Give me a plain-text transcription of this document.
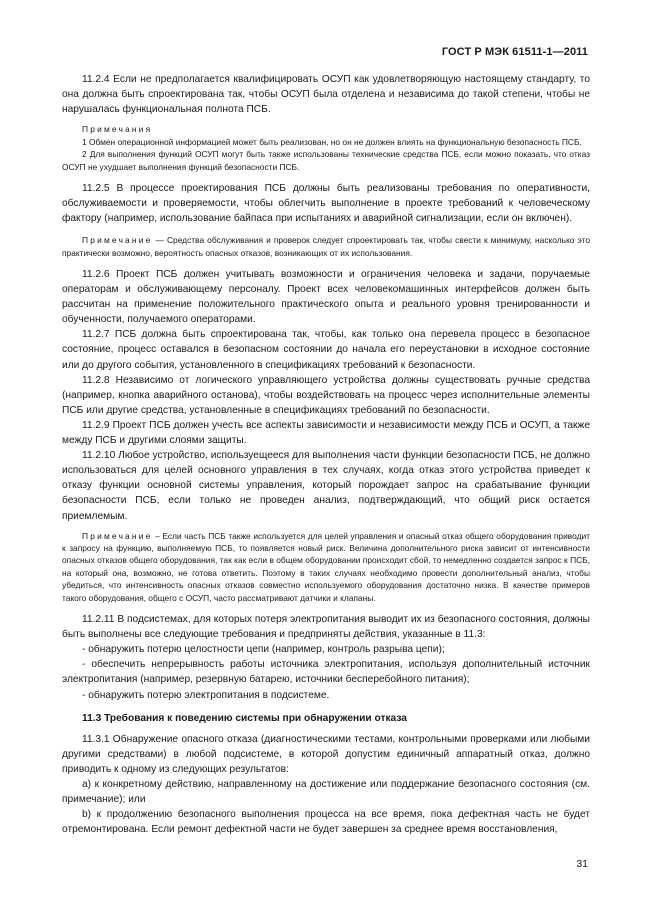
ГОСТ Р МЭК 61511-1—2011

11.2.4 Если не предполагается квалифицировать ОСУП как удовлетворяющую настоящему стандарту, то она должна быть спроектирована так, чтобы ОСУП была отделена и независима до такой степени, чтобы не нарушалась функциональная полнота ПСБ.

Примечания

1 Обмен операционной информацией может быть реализован, но он не должен влиять на функциональную безопасность ПСБ.

2 Для выполнения функций ОСУП могут быть также использованы технические средства ПСБ, если можно показать, что отказ ОСУП не ухудшает выполнения функций безопасности ПСБ.

11.2.5 В процессе проектирования ПСБ должны быть реализованы требования по оперативности, обслуживаемости и проверяемости, чтобы облегчить выполнение в проекте требований к человеческому фактору (например, использование байпаса при испытаниях и аварийной сигнализации, если он включен).

Примечание — Средства обслуживания и проверок следует спроектировать так, чтобы свести к минимуму, насколько это практически возможно, вероятность опасных отказов, возникающих от их использования.

11.2.6 Проект ПСБ должен учитывать возможности и ограничения человека и задачи, поручаемые операторам и обслуживающему персоналу. Проект всех человекомашинных интерфейсов должен быть рассчитан на применение положительного практического опыта и реального уровня тренированности и обученности, получаемого операторами.

11.2.7 ПСБ должна быть спроектирована так, чтобы, как только она перевела процесс в безопасное состояние, процесс оставался в безопасном состоянии до начала его переустановки в исходное состояние или до другого события, установленного в спецификациях требований к безопасности.

11.2.8 Независимо от логического управляющего устройства должны существовать ручные средства (например, кнопка аварийного останова), чтобы воздействовать на процесс через исполнительные элементы ПСБ или другие средства, установленные в спецификациях требований по безопасности.

11.2.9 Проект ПСБ должен учесть все аспекты зависимости и независимости между ПСБ и ОСУП, а также между ПСБ и другими слоями защиты.

11.2.10 Любое устройство, используещееся для выполнения части функции безопасности ПСБ, не должно использоваться для целей основного управления в тех случаях, когда отказ этого устройства приведет к отказу функции основной системы управления, который порождает запрос на срабатывание функции безопасности ПСБ, если только не проведен анализ, подтверждающий, что общий риск остается приемлемым.

Примечание – Если часть ПСБ также используется для целей управления и опасный отказ общего оборудования приводит к запросу на функцию, выполняемую ПСБ, то появляется новый риск. Величина дополнительного риска зависит от интенсивности опасных отказов общего оборудования, так как если в общем оборудовании происходит сбой, то немедленно создается запрос к ПСБ, на который она, возможно, не готова ответить. Поэтому в таких случаях необходимо провести дополнительный анализ, чтобы убедиться, что интенсивность опасных отказов совместно используемого оборудования достаточно низка. В качестве примеров такого оборудования, общего с ОСУП, часто рассматривают датчики и клапаны.

11.2.11 В подсистемах, для которых потеря электропитания выводит их из безопасного состояния, должны быть выполнены все следующие требования и предприняты действия, указанные в 11.3:

- обнаружить потерю целостности цепи (например, контроль разрыва цепи);

- обеспечить непрерывность работы источника электропитания, используя дополнительный источник электропитания (например, резервную батарею, источники бесперебойного питания);

- обнаружить потерю электропитания в подсистеме.

11.3 Требования к поведению системы при обнаружении отказа

11.3.1 Обнаружение опасного отказа (диагностическими тестами, контрольными проверками или любыми другими средствами) в любой подсистеме, в которой допустим единичный аппаратный отказ, должно приводить к одному из следующих результатов:

а) к конкретному действию, направленному на достижение или поддержание безопасного состояния (см. примечание); или

b) к продолжению безопасного выполнения процесса на все время, пока дефектная часть не будет отремонтирована. Если ремонт дефектной части не будет завершен за среднее время восстановления,

31
